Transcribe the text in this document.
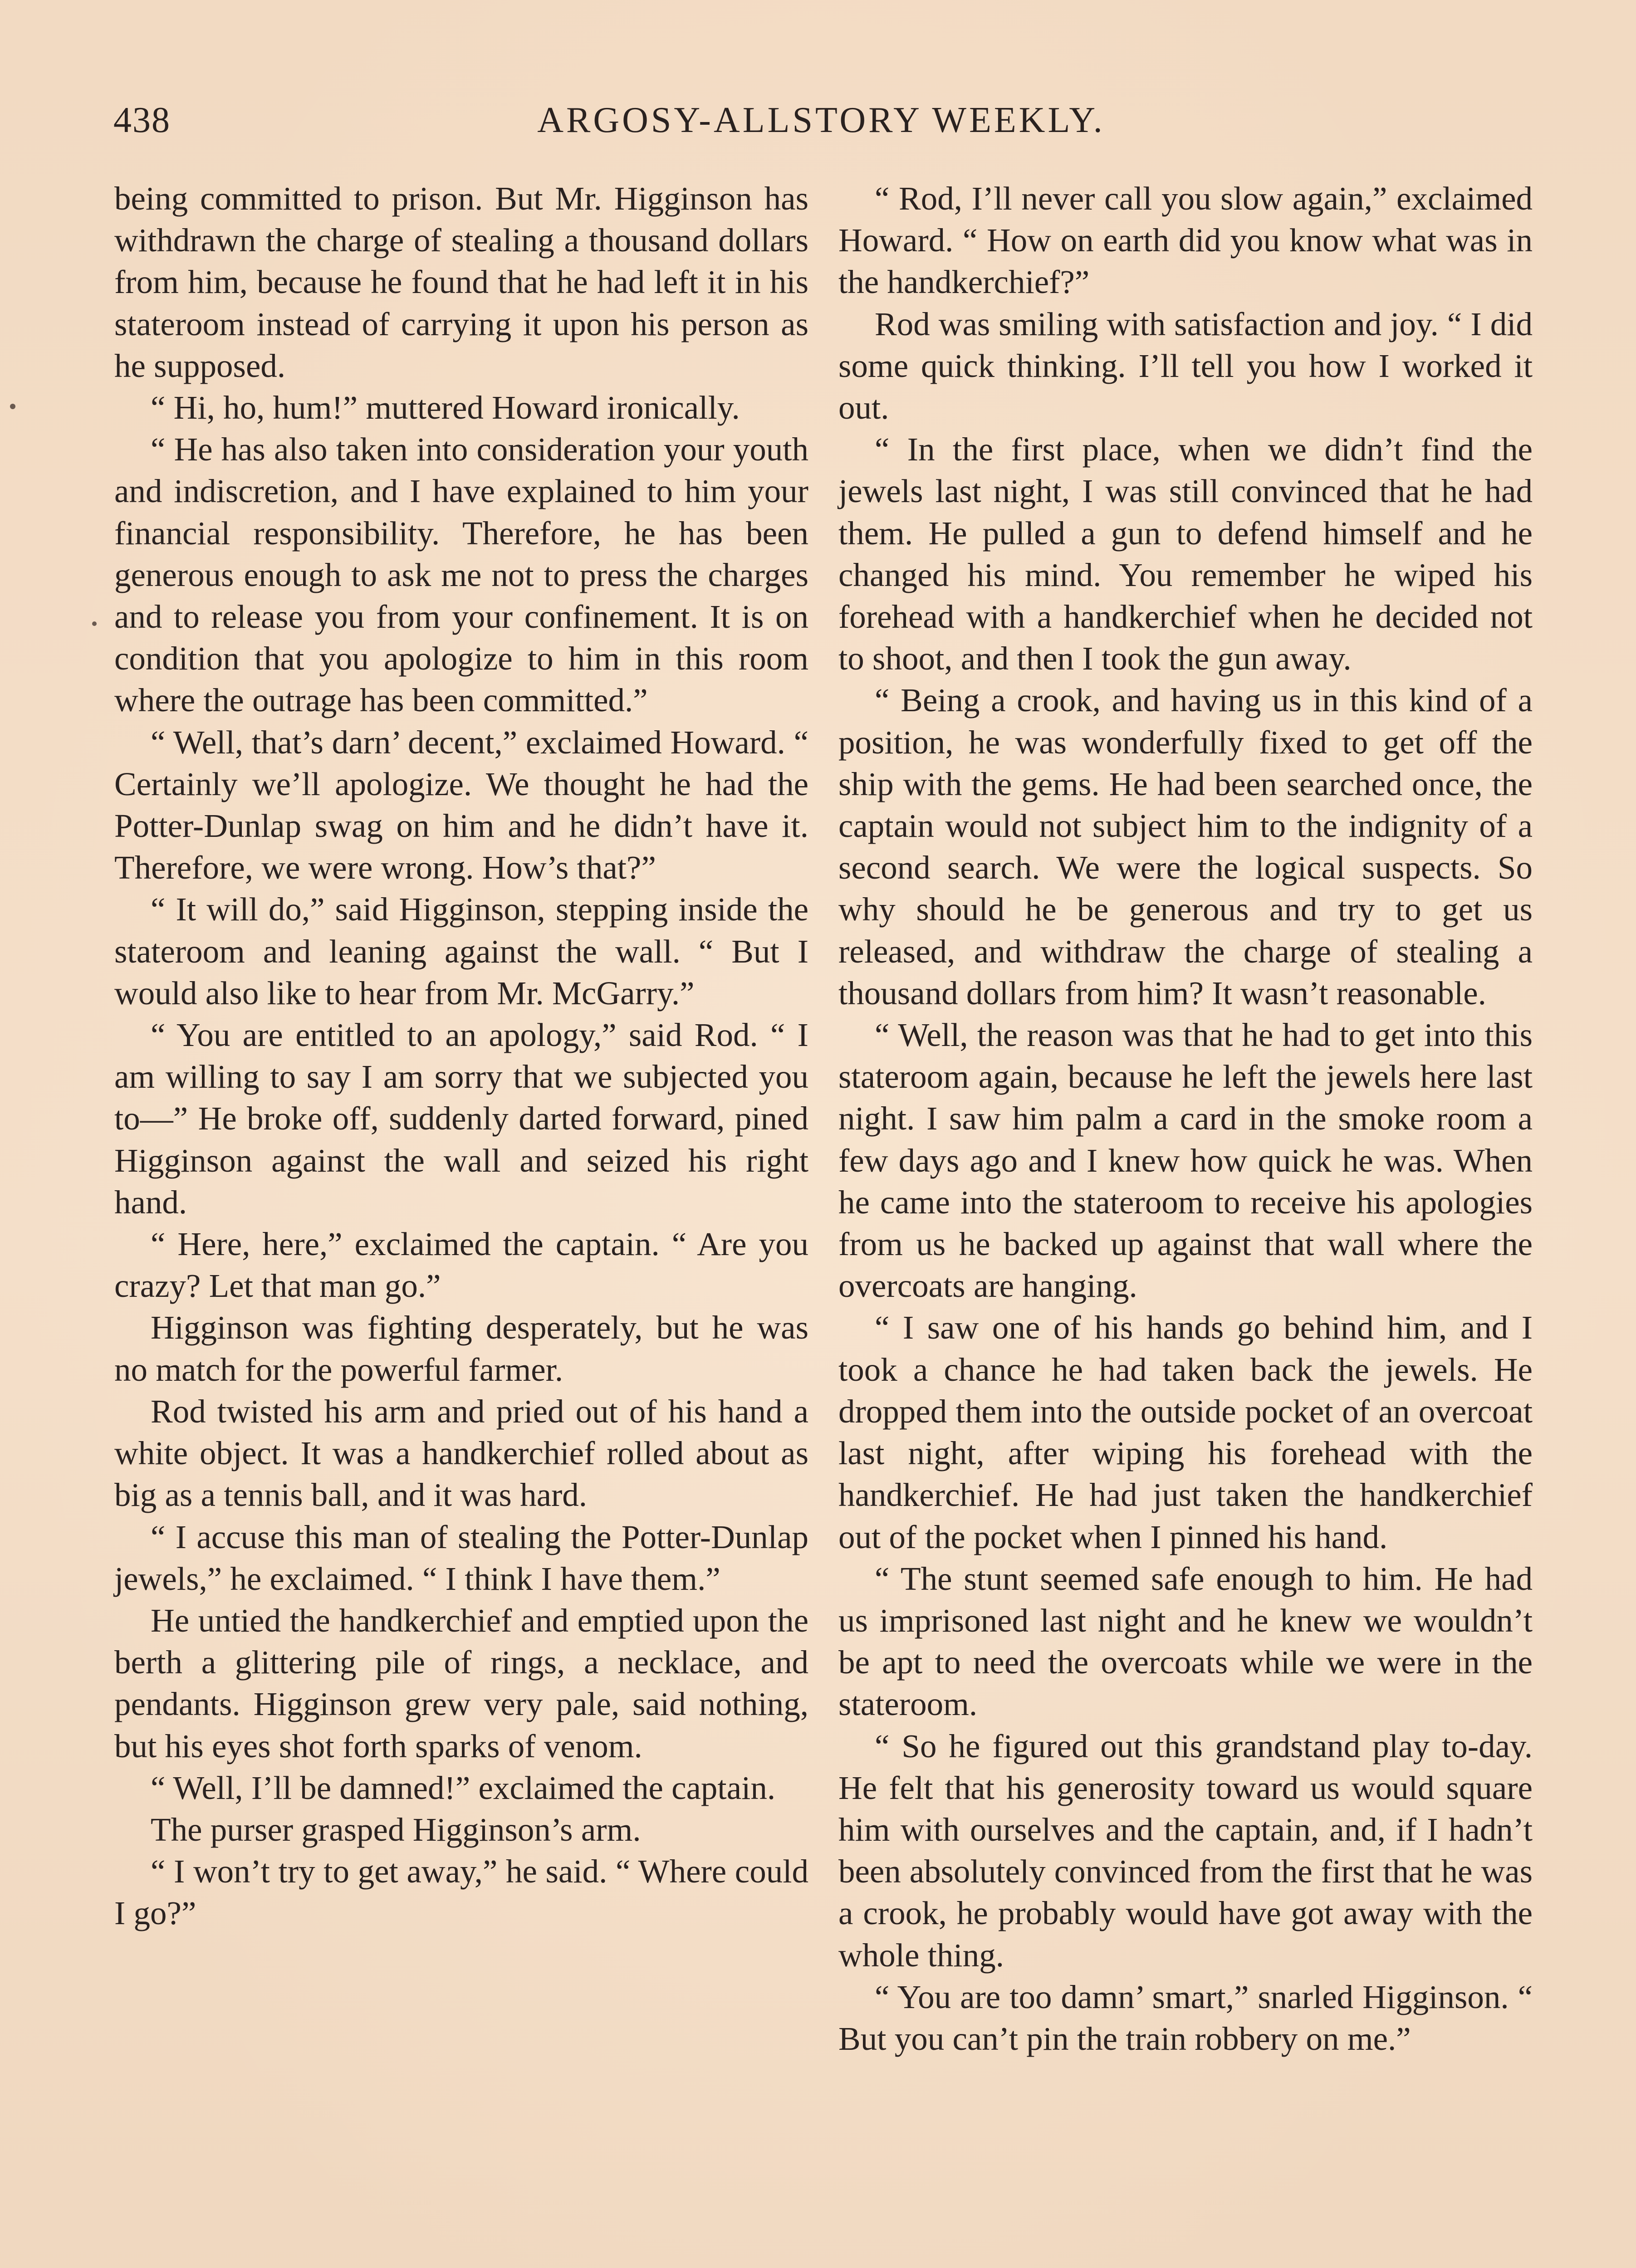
438	ARGOSY-ALLSTORY WEEKLY.

being committed to prison. But Mr. Higginson has withdrawn the charge of stealing a thousand dollars from him, because he found that he had left it in his stateroom instead of carrying it upon his person as he supposed.

“ Hi, ho, hum!” muttered Howard ironically.

“ He has also taken into consideration your youth and indiscretion, and I have explained to him your financial responsibility. Therefore, he has been generous enough to ask me not to press the charges and to release you from your confinement. It is on condition that you apologize to him in this room where the outrage has been committed.”

“ Well, that’s darn’ decent,” exclaimed Howard. “ Certainly we’ll apologize. We thought he had the Potter-Dunlap swag on him and he didn’t have it. Therefore, we were wrong. How’s that?”

“ It will do,” said Higginson, stepping inside the stateroom and leaning against the wall. “ But I would also like to hear from Mr. McGarry.”

“ You are entitled to an apology,” said Rod. “ I am willing to say I am sorry that we subjected you to—” He broke off, suddenly darted forward, pined Higginson against the wall and seized his right hand.

“ Here, here,” exclaimed the captain. “ Are you crazy? Let that man go.”

Higginson was fighting desperately, but he was no match for the powerful farmer.

Rod twisted his arm and pried out of his hand a white object. It was a handkerchief rolled about as big as a tennis ball, and it was hard.

“ I accuse this man of stealing the Potter-Dunlap jewels,” he exclaimed. “ I think I have them.”

He untied the handkerchief and emptied upon the berth a glittering pile of rings, a necklace, and pendants. Higginson grew very pale, said nothing, but his eyes shot forth sparks of venom.

“ Well, I’ll be damned!” exclaimed the captain.

The purser grasped Higginson’s arm.

“ I won’t try to get away,” he said. “ Where could I go?”

“ Rod, I’ll never call you slow again,” exclaimed Howard. “ How on earth did you know what was in the handkerchief?”

Rod was smiling with satisfaction and joy. “ I did some quick thinking. I’ll tell you how I worked it out.

“ In the first place, when we didn’t find the jewels last night, I was still convinced that he had them. He pulled a gun to defend himself and he changed his mind. You remember he wiped his forehead with a handkerchief when he decided not to shoot, and then I took the gun away.

“ Being a crook, and having us in this kind of a position, he was wonderfully fixed to get off the ship with the gems. He had been searched once, the captain would not subject him to the indignity of a second search. We were the logical suspects. So why should he be generous and try to get us released, and withdraw the charge of stealing a thousand dollars from him? It wasn’t reasonable.

“ Well, the reason was that he had to get into this stateroom again, because he left the jewels here last night. I saw him palm a card in the smoke room a few days ago and I knew how quick he was. When he came into the stateroom to receive his apologies from us he backed up against that wall where the overcoats are hanging.

“ I saw one of his hands go behind him, and I took a chance he had taken back the jewels. He dropped them into the outside pocket of an overcoat last night, after wiping his forehead with the handkerchief. He had just taken the handkerchief out of the pocket when I pinned his hand.

“ The stunt seemed safe enough to him. He had us imprisoned last night and he knew we wouldn’t be apt to need the overcoats while we were in the stateroom.

“ So he figured out this grandstand play to-day. He felt that his generosity toward us would square him with ourselves and the captain, and, if I hadn’t been absolutely convinced from the first that he was a crook, he probably would have got away with the whole thing.

“ You are too damn’ smart,” snarled Higginson. “ But you can’t pin the train robbery on me.”
